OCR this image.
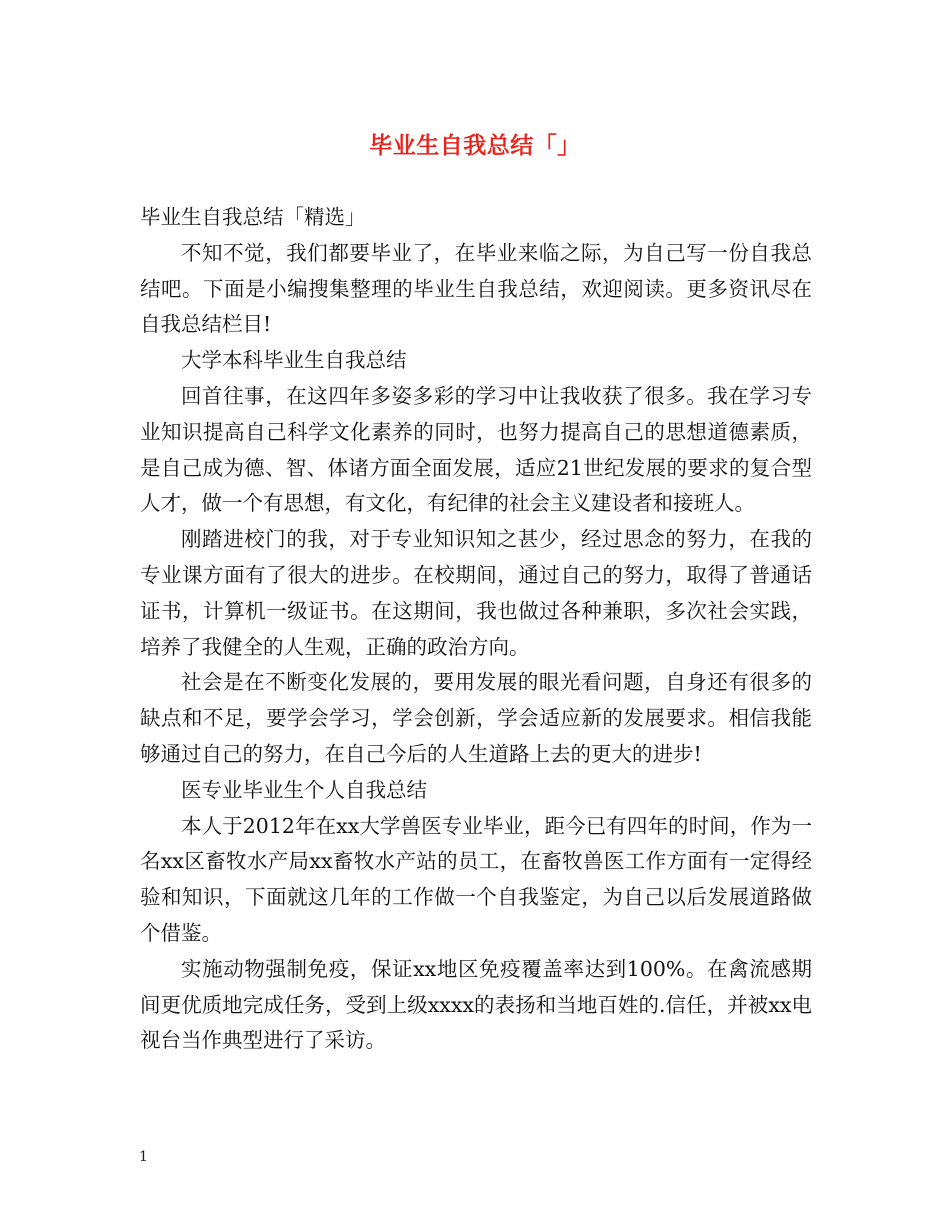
毕业生自我总结「」

毕业生自我总结「精选」

不知不觉，我们都要毕业了，在毕业来临之际，为自己写一份自我总结吧。下面是小编搜集整理的毕业生自我总结，欢迎阅读。更多资讯尽在自我总结栏目!

大学本科毕业生自我总结

回首往事，在这四年多姿多彩的学习中让我收获了很多。我在学习专业知识提高自己科学文化素养的同时，也努力提高自己的思想道德素质，是自己成为德、智、体诸方面全面发展，适应21世纪发展的要求的复合型人才，做一个有思想，有文化，有纪律的社会主义建设者和接班人。

刚踏进校门的我，对于专业知识知之甚少，经过思念的努力，在我的专业课方面有了很大的进步。在校期间，通过自己的努力，取得了普通话证书，计算机一级证书。在这期间，我也做过各种兼职，多次社会实践，培养了我健全的人生观，正确的政治方向。

社会是在不断变化发展的，要用发展的眼光看问题，自身还有很多的缺点和不足，要学会学习，学会创新，学会适应新的发展要求。相信我能够通过自己的努力，在自己今后的人生道路上去的更大的进步!

医专业毕业生个人自我总结

本人于2012年在xx大学兽医专业毕业，距今已有四年的时间，作为一名xx区畜牧水产局xx畜牧水产站的员工，在畜牧兽医工作方面有一定得经验和知识，下面就这几年的工作做一个自我鉴定，为自己以后发展道路做个借鉴。

实施动物强制免疫，保证xx地区免疫覆盖率达到100%。在禽流感期间更优质地完成任务，受到上级xxxx的表扬和当地百姓的.信任，并被xx电视台当作典型进行了采访。

1
